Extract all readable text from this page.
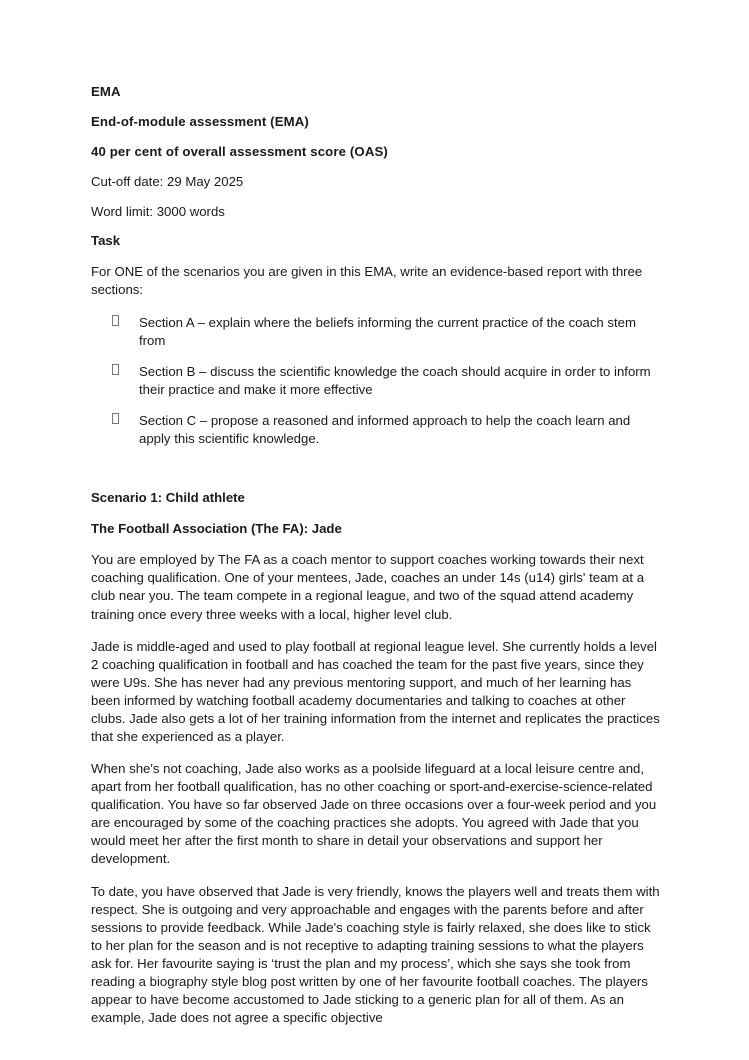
EMA

End-of-module assessment (EMA)

40 per cent of overall assessment score (OAS)

Cut-off date: 29 May 2025

Word limit: 3000 words

Task

For ONE of the scenarios you are given in this EMA, write an evidence-based report with three sections:

Section A – explain where the beliefs informing the current practice of the coach stem from
Section B – discuss the scientific knowledge the coach should acquire in order to inform their practice and make it more effective
Section C – propose a reasoned and informed approach to help the coach learn and apply this scientific knowledge.

Scenario 1: Child athlete

The Football Association (The FA): Jade

You are employed by The FA as a coach mentor to support coaches working towards their next coaching qualification. One of your mentees, Jade, coaches an under 14s (u14) girls' team at a club near you. The team compete in a regional league, and two of the squad attend academy training once every three weeks with a local, higher level club.

Jade is middle-aged and used to play football at regional league level. She currently holds a level 2 coaching qualification in football and has coached the team for the past five years, since they were U9s. She has never had any previous mentoring support, and much of her learning has been informed by watching football academy documentaries and talking to coaches at other clubs. Jade also gets a lot of her training information from the internet and replicates the practices that she experienced as a player.

When she's not coaching, Jade also works as a poolside lifeguard at a local leisure centre and, apart from her football qualification, has no other coaching or sport-and-exercise-science-related qualification. You have so far observed Jade on three occasions over a four-week period and you are encouraged by some of the coaching practices she adopts. You agreed with Jade that you would meet her after the first month to share in detail your observations and support her development.

To date, you have observed that Jade is very friendly, knows the players well and treats them with respect. She is outgoing and very approachable and engages with the parents before and after sessions to provide feedback. While Jade's coaching style is fairly relaxed, she does like to stick to her plan for the season and is not receptive to adapting training sessions to what the players ask for. Her favourite saying is ‘trust the plan and my process’, which she says she took from reading a biography style blog post written by one of her favourite football coaches. The players appear to have become accustomed to Jade sticking to a generic plan for all of them. As an example, Jade does not agree a specific objective
